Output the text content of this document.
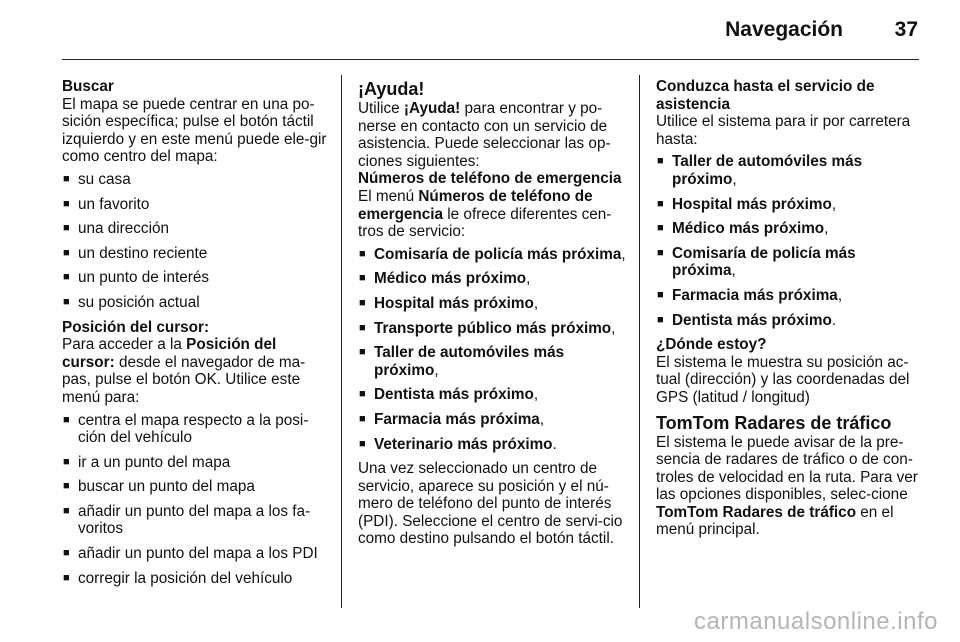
Navegación 37

Buscar

El mapa se puede centrar en una po-sición específica; pulse el botón táctil izquierdo y en este menú puede ele-gir como centro del mapa:

■ su casa
■ un favorito
■ una dirección
■ un destino reciente
■ un punto de interés
■ su posición actual

Posición del cursor:

Para acceder a la Posición del cursor: desde el navegador de ma-pas, pulse el botón OK. Utilice este menú para:

■ centra el mapa respecto a la posi-ción del vehículo
■ ir a un punto del mapa
■ buscar un punto del mapa
■ añadir un punto del mapa a los fa-voritos
■ añadir un punto del mapa a los PDI
■ corregir la posición del vehículo

¡Ayuda!

Utilice ¡Ayuda! para encontrar y po-nerse en contacto con un servicio de asistencia. Puede seleccionar las op-ciones siguientes:

Números de teléfono de emergencia

El menú Números de teléfono de emergencia le ofrece diferentes cen-tros de servicio:

■ Comisaría de policía más próxima,
■ Médico más próximo,
■ Hospital más próximo,
■ Transporte público más próximo,
■ Taller de automóviles más próximo,
■ Dentista más próximo,
■ Farmacia más próxima,
■ Veterinario más próximo.

Una vez seleccionado un centro de servicio, aparece su posición y el nú-mero de teléfono del punto de interés (PDI). Seleccione el centro de servi-cio como destino pulsando el botón táctil.

Conduzca hasta el servicio de asistencia

Utilice el sistema para ir por carretera hasta:

■ Taller de automóviles más próximo,
■ Hospital más próximo,
■ Médico más próximo,
■ Comisaría de policía más próxima,
■ Farmacia más próxima,
■ Dentista más próximo.

¿Dónde estoy?

El sistema le muestra su posición ac-tual (dirección) y las coordenadas del GPS (latitud / longitud)

TomTom Radares de tráfico

El sistema le puede avisar de la pre-sencia de radares de tráfico o de con-troles de velocidad en la ruta. Para ver las opciones disponibles, selec-cione TomTom Radares de tráfico en el menú principal.

carmanualsonline.info
